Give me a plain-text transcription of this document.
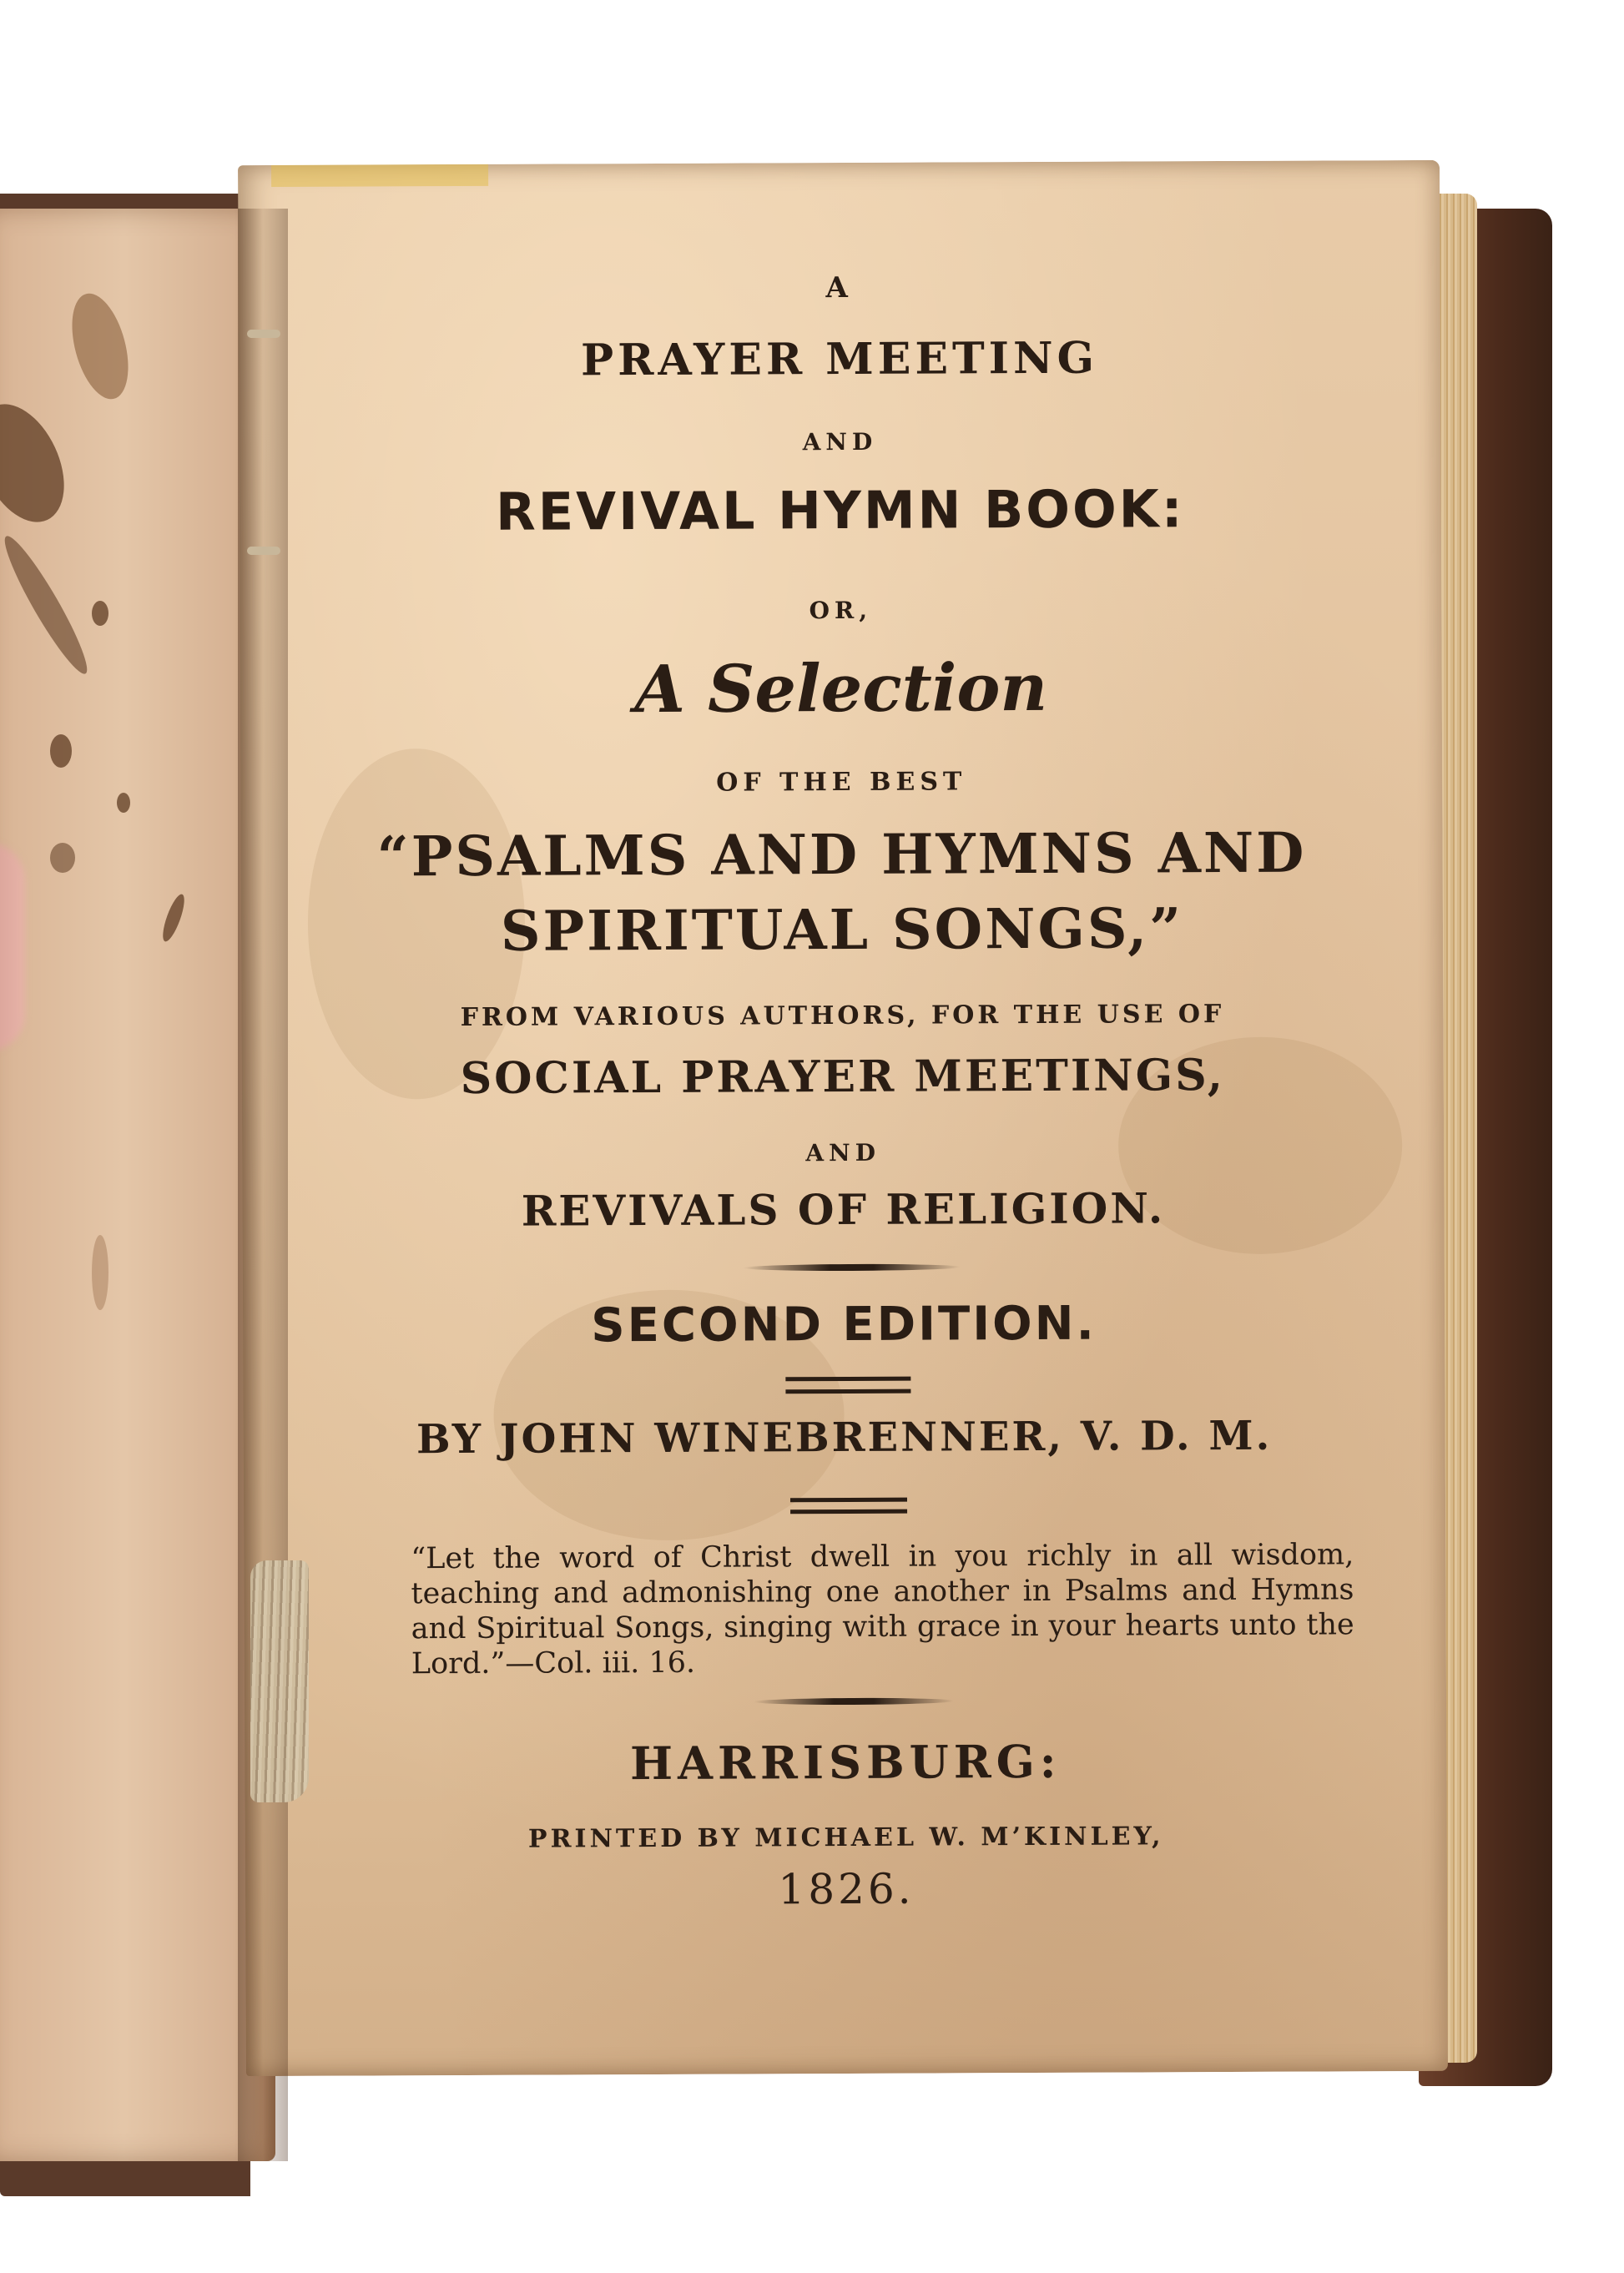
A
PRAYER MEETING
AND
REVIVAL HYMN BOOK:
OR,
A Selection
OF THE BEST
“PSALMS AND HYMNS AND
SPIRITUAL SONGS,”
FROM VARIOUS AUTHORS, FOR THE USE OF
SOCIAL PRAYER MEETINGS,
AND
REVIVALS OF RELIGION.
SECOND EDITION.
BY JOHN WINEBRENNER, V. D. M.
“Let the word of Christ dwell in you richly in all wisdom, teaching and admonishing one another in Psalms and Hymns and Spiritual Songs, singing with grace in your hearts unto the Lord.”—Col. iii. 16.
HARRISBURG:
PRINTED BY MICHAEL W. M’KINLEY,
1826.
